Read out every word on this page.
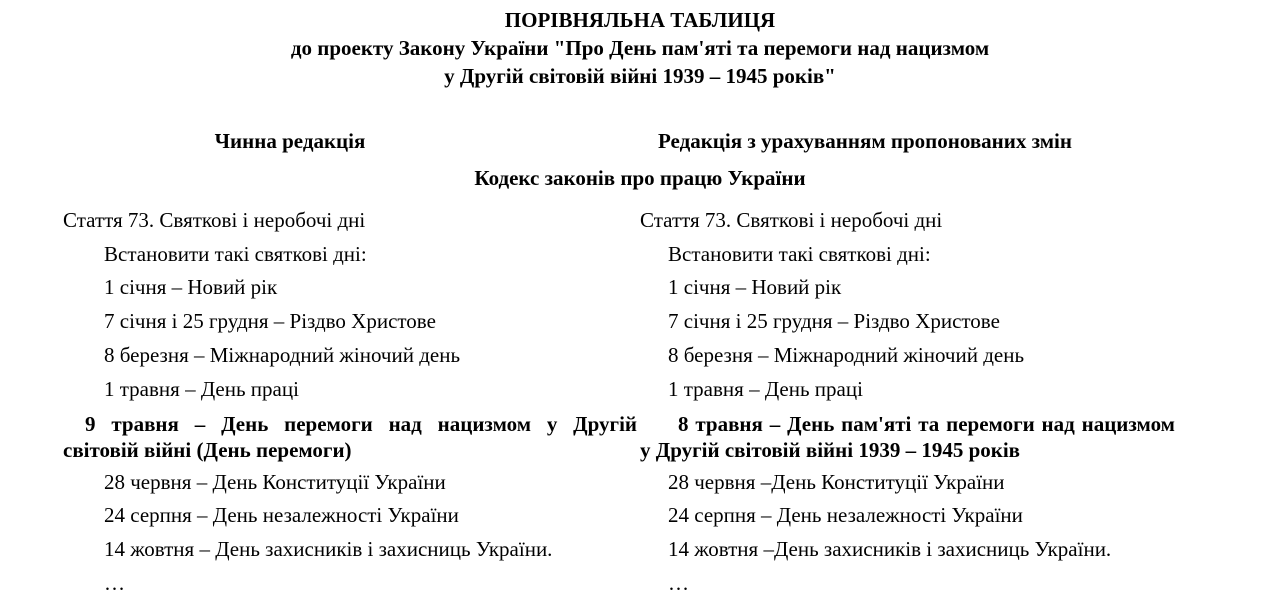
ПОРІВНЯЛЬНА ТАБЛИЦЯ
до проекту Закону України "Про День пам'яті та перемоги над нацизмом
у Другій світовій війні 1939 – 1945 років"
Чинна редакція	Редакція з урахуванням пропонованих змін
Кодекс законів про працю України
Стаття 73. Святкові і неробочі дні
Встановити такі святкові дні:
1 січня – Новий рік
7 січня і 25 грудня – Різдво Христове
8 березня – Міжнародний жіночий день
1 травня – День праці
9 травня – День перемоги над нацизмом у Другій
світовій війні (День перемоги)
28 червня – День Конституції України
24 серпня – День незалежності України
14 жовтня – День захисників і захисниць України.
…
Стаття 73. Святкові і неробочі дні
Встановити такі святкові дні:
1 січня – Новий рік
7 січня і 25 грудня – Різдво Христове
8 березня – Міжнародний жіночий день
1 травня – День праці
8 травня – День пам'яті та перемоги над нацизмом
у Другій світовій війні 1939 – 1945 років
28 червня –День Конституції України
24 серпня – День незалежності України
14 жовтня –День захисників і захисниць України.
…
